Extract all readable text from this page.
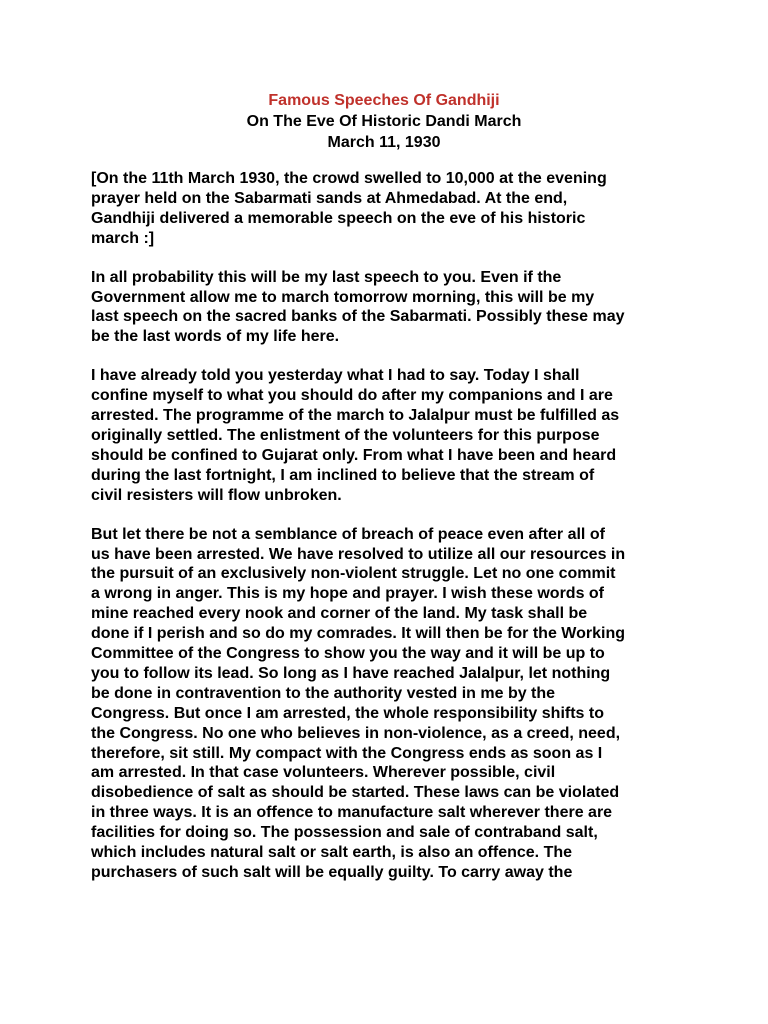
Famous Speeches Of Gandhiji
On The Eve Of Historic Dandi March
March 11, 1930

[On the 11th March 1930, the crowd swelled to 10,000 at the evening
prayer held on the Sabarmati sands at Ahmedabad. At the end,
Gandhiji delivered a memorable speech on the eve of his historic
march :]

In all probability this will be my last speech to you. Even if the
Government allow me to march tomorrow morning, this will be my
last speech on the sacred banks of the Sabarmati. Possibly these may
be the last words of my life here.

I have already told you yesterday what I had to say. Today I shall
confine myself to what you should do after my companions and I are
arrested. The programme of the march to Jalalpur must be fulfilled as
originally settled. The enlistment of the volunteers for this purpose
should be confined to Gujarat only. From what I have been and heard
during the last fortnight, I am inclined to believe that the stream of
civil resisters will flow unbroken.

But let there be not a semblance of breach of peace even after all of
us have been arrested. We have resolved to utilize all our resources in
the pursuit of an exclusively non-violent struggle. Let no one commit
a wrong in anger. This is my hope and prayer. I wish these words of
mine reached every nook and corner of the land. My task shall be
done if I perish and so do my comrades. It will then be for the Working
Committee of the Congress to show you the way and it will be up to
you to follow its lead. So long as I have reached Jalalpur, let nothing
be done in contravention to the authority vested in me by the
Congress. But once I am arrested, the whole responsibility shifts to
the Congress. No one who believes in non-violence, as a creed, need,
therefore, sit still. My compact with the Congress ends as soon as I
am arrested. In that case volunteers. Wherever possible, civil
disobedience of salt as should be started. These laws can be violated
in three ways. It is an offence to manufacture salt wherever there are
facilities for doing so. The possession and sale of contraband salt,
which includes natural salt or salt earth, is also an offence. The
purchasers of such salt will be equally guilty. To carry away the
